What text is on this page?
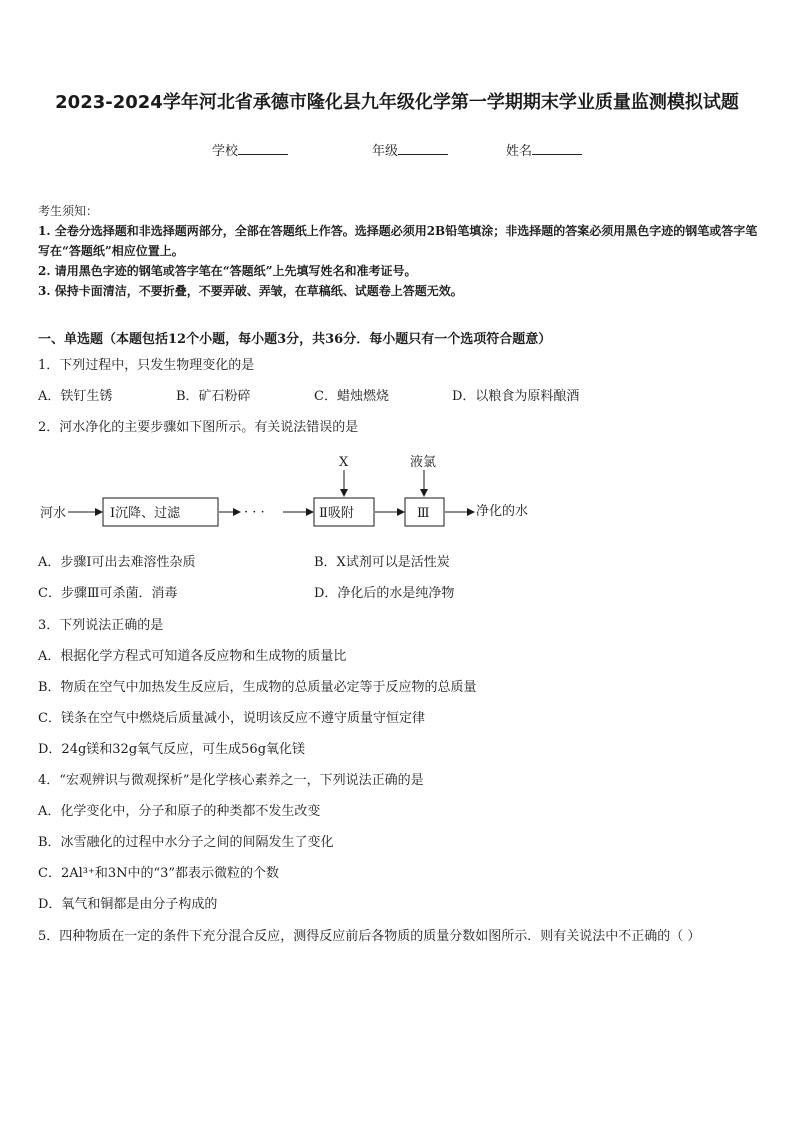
2023-2024学年河北省承德市隆化县九年级化学第一学期期末学业质量监测模拟试题
学校	年级	姓名
考生须知：
1. 全卷分选择题和非选择题两部分，全部在答题纸上作答。选择题必须用2B铅笔填涂；非选择题的答案必须用黑色字迹的钢笔或答字笔写在“答题纸”相应位置上。
2. 请用黑色字迹的钢笔或答字笔在“答题纸”上先填写姓名和准考证号。
3. 保持卡面清洁，不要折叠，不要弄破、弄皱，在草稿纸、试题卷上答题无效。
一、单选题（本题包括12个小题，每小题3分，共36分．每小题只有一个选项符合题意）
1．下列过程中，只发生物理变化的是
A．铁钉生锈	B．矿石粉碎	C．蜡烛燃烧	D．以粮食为原料酿酒
2．河水净化的主要步骤如下图所示。有关说法错误的是
河水	Ⅰ沉降、过滤	· · ·	Ⅱ吸附
X
Ⅲ
液氯
净化的水
A．步骤Ⅰ可出去难溶性杂质	B．X试剂可以是活性炭
C．步骤Ⅲ可杀菌．消毒	D．净化后的水是纯净物
3．下列说法正确的是
A．根据化学方程式可知道各反应物和生成物的质量比
B．物质在空气中加热发生反应后，生成物的总质量必定等于反应物的总质量
C．镁条在空气中燃烧后质量减小，说明该反应不遵守质量守恒定律
D．24g镁和32g氧气反应，可生成56g氧化镁
4．“宏观辨识与微观探析”是化学核心素养之一，下列说法正确的是
A．化学变化中，分子和原子的种类都不发生改变
B．冰雪融化的过程中水分子之间的间隔发生了变化
C．2Al³⁺和3N中的“3”都表示微粒的个数
D．氧气和铜都是由分子构成的
5．四种物质在一定的条件下充分混合反应，测得反应前后各物质的质量分数如图所示．则有关说法中不正确的（ ）
